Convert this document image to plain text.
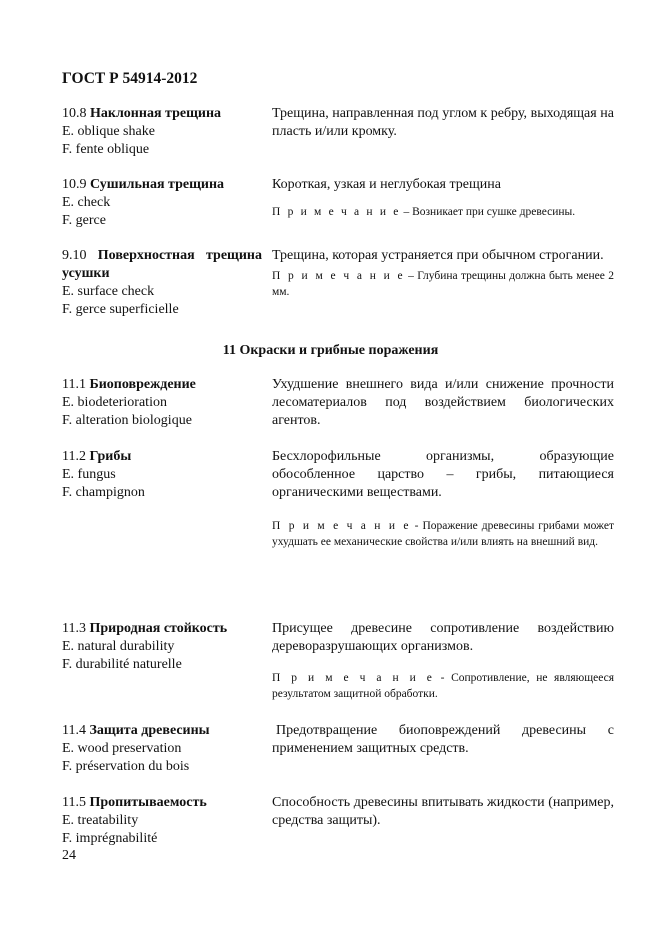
ГОСТ Р 54914-2012
10.8 Наклонная трещина
E. oblique shake
F. fente oblique
Трещина, направленная под углом к ребру, выходящая на пласть и/или кромку.
10.9 Сушильная трещина
E. check
F. gerce
Короткая, узкая и неглубокая трещина
П р и м е ч а н и е – Возникает при сушке древесины.
9.10 Поверхностная трещина усушки
E. surface check
F. gerce superficielle
Трещина, которая устраняется при обычном строгании.
П р и м е ч а н и е – Глубина трещины должна быть менее 2 мм.
11 Окраски и грибные поражения
11.1 Биоповреждение
E. biodeterioration
F. alteration biologique
Ухудшение внешнего вида и/или снижение прочности лесоматериалов под воздействием биологических агентов.
11.2 Грибы
E. fungus
F. champignon
Бесхлорофильные организмы, образующие обособленное царство – грибы, питающиеся органическими веществами.
П р и м е ч а н и е - Поражение древесины грибами может ухудшать ее механические свойства и/или влиять на внешний вид.
11.3 Природная стойкость
E. natural durability
F. durabilité naturelle
Присущее древесине сопротивление воздействию дереворазрушающих организмов.
П р и м е ч а н и е - Сопротивление, не являющееся результатом защитной обработки.
11.4 Защита древесины
E. wood preservation
F. préservation du bois
Предотвращение биоповреждений древесины с применением защитных средств.
11.5 Пропитываемость
E. treatability
F. imprégnabilité
Способность древесины впитывать жидкости (например, средства защиты).
24
